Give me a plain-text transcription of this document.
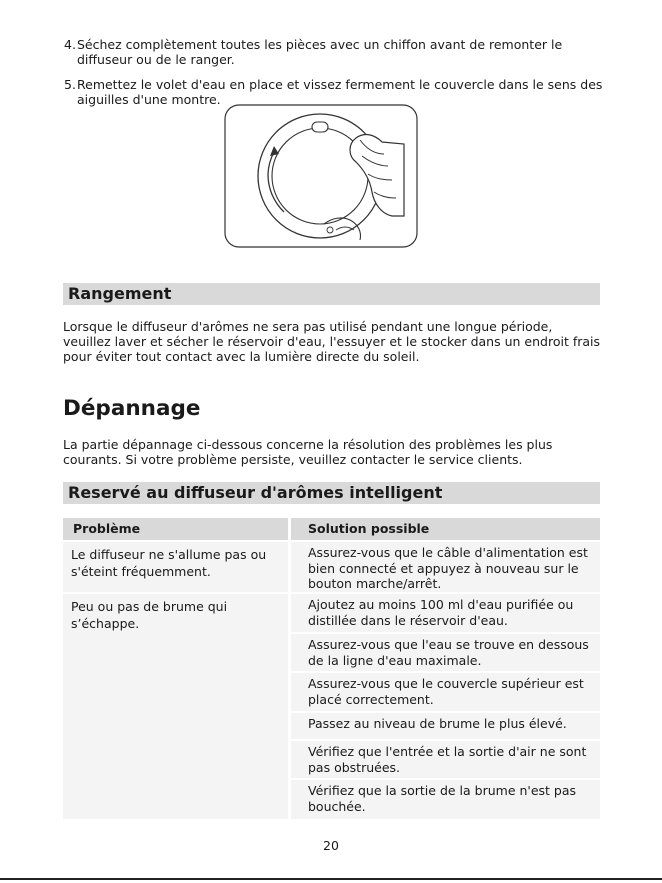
4. Séchez complètement toutes les pièces avec un chiffon avant de remonter le diffuseur ou de le ranger.
5. Remettez le volet d'eau en place et vissez fermement le couvercle dans le sens des aiguilles d'une montre.
Rangement
Lorsque le diffuseur d'arômes ne sera pas utilisé pendant une longue période, veuillez laver et sécher le réservoir d'eau, l'essuyer et le stocker dans un endroit frais pour éviter tout contact avec la lumière directe du soleil.
Dépannage
La partie dépannage ci-dessous concerne la résolution des problèmes les plus courants. Si votre problème persiste, veuillez contacter le service clients.
Reservé au diffuseur d'arômes intelligent
Problème	Solution possible
Le diffuseur ne s'allume pas ou s'éteint fréquemment.
Assurez-vous que le câble d'alimentation est bien connecté et appuyez à nouveau sur le bouton marche/arrêt.
Peu ou pas de brume qui s’échappe.
Ajoutez au moins 100 ml d'eau purifiée ou distillée dans le réservoir d'eau.
Assurez-vous que l'eau se trouve en dessous de la ligne d'eau maximale.
Assurez-vous que le couvercle supérieur est placé correctement.
Passez au niveau de brume le plus élevé.
Vérifiez que l'entrée et la sortie d'air ne sont pas obstruées.
Vérifiez que la sortie de la brume n'est pas bouchée.
20
